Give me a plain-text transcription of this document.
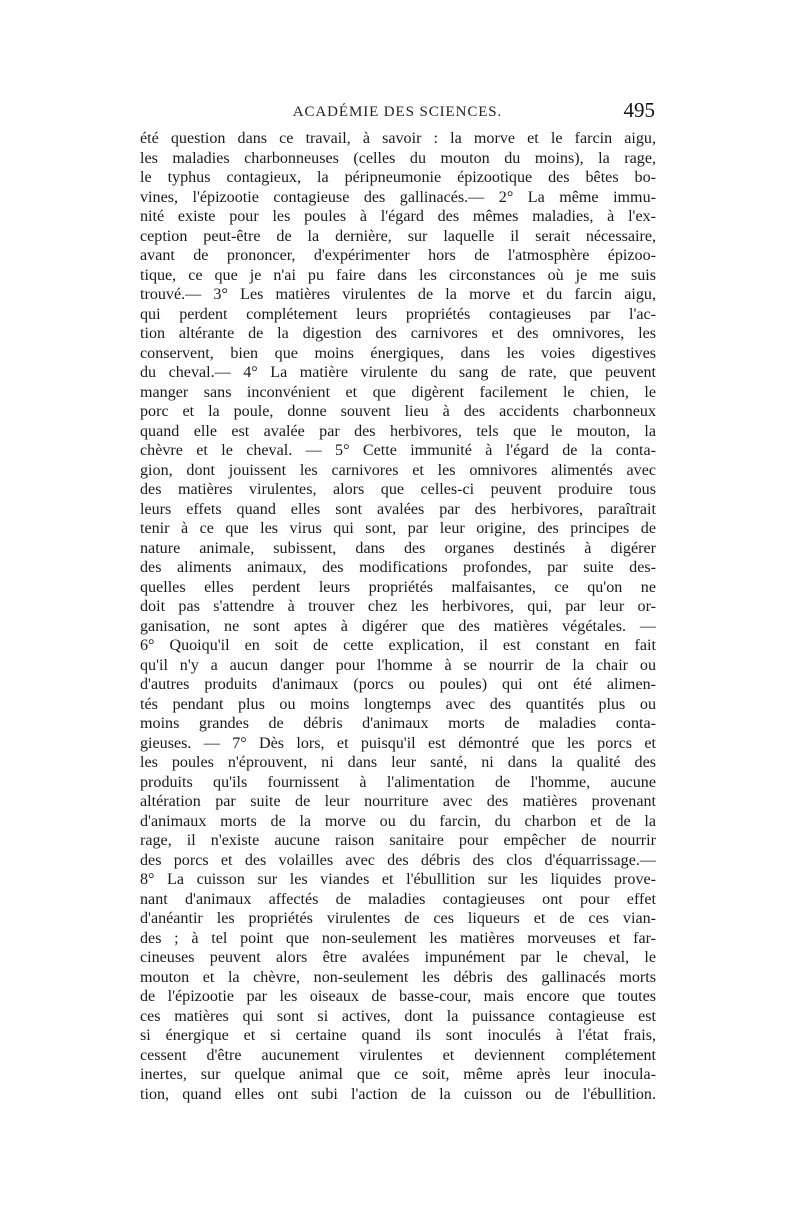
ACADÉMIE DES SCIENCES.	495
été question dans ce travail, à savoir : la morve et le farcin aigu,
les maladies charbonneuses (celles du mouton du moins), la rage,
le typhus contagieux, la péripneumonie épizootique des bêtes bo-
vines, l'épizootie contagieuse des gallinacés.— 2° La même immu-
nité existe pour les poules à l'égard des mêmes maladies, à l'ex-
ception peut-être de la dernière, sur laquelle il serait nécessaire,
avant de prononcer, d'expérimenter hors de l'atmosphère épizoo-
tique, ce que je n'ai pu faire dans les circonstances où je me suis
trouvé.— 3° Les matières virulentes de la morve et du farcin aigu,
qui perdent complétement leurs propriétés contagieuses par l'ac-
tion altérante de la digestion des carnivores et des omnivores, les
conservent, bien que moins énergiques, dans les voies digestives
du cheval.— 4° La matière virulente du sang de rate, que peuvent
manger sans inconvénient et que digèrent facilement le chien, le
porc et la poule, donne souvent lieu à des accidents charbonneux
quand elle est avalée par des herbivores, tels que le mouton, la
chèvre et le cheval. — 5° Cette immunité à l'égard de la conta-
gion, dont jouissent les carnivores et les omnivores alimentés avec
des matières virulentes, alors que celles-ci peuvent produire tous
leurs effets quand elles sont avalées par des herbivores, paraîtrait
tenir à ce que les virus qui sont, par leur origine, des principes de
nature animale, subissent, dans des organes destinés à digérer
des aliments animaux, des modifications profondes, par suite des-
quelles elles perdent leurs propriétés malfaisantes, ce qu'on ne
doit pas s'attendre à trouver chez les herbivores, qui, par leur or-
ganisation, ne sont aptes à digérer que des matières végétales. —
6° Quoiqu'il en soit de cette explication, il est constant en fait
qu'il n'y a aucun danger pour l'homme à se nourrir de la chair ou
d'autres produits d'animaux (porcs ou poules) qui ont été alimen-
tés pendant plus ou moins longtemps avec des quantités plus ou
moins grandes de débris d'animaux morts de maladies conta-
gieuses. — 7° Dès lors, et puisqu'il est démontré que les porcs et
les poules n'éprouvent, ni dans leur santé, ni dans la qualité des
produits qu'ils fournissent à l'alimentation de l'homme, aucune
altération par suite de leur nourriture avec des matières provenant
d'animaux morts de la morve ou du farcin, du charbon et de la
rage, il n'existe aucune raison sanitaire pour empêcher de nourrir
des porcs et des volailles avec des débris des clos d'équarrissage.—
8° La cuisson sur les viandes et l'ébullition sur les liquides prove-
nant d'animaux affectés de maladies contagieuses ont pour effet
d'anéantir les propriétés virulentes de ces liqueurs et de ces vian-
des ; à tel point que non-seulement les matières morveuses et far-
cineuses peuvent alors être avalées impunément par le cheval, le
mouton et la chèvre, non-seulement les débris des gallinacés morts
de l'épizootie par les oiseaux de basse-cour, mais encore que toutes
ces matières qui sont si actives, dont la puissance contagieuse est
si énergique et si certaine quand ils sont inoculés à l'état frais,
cessent d'être aucunement virulentes et deviennent complétement
inertes, sur quelque animal que ce soit, même après leur inocula-
tion, quand elles ont subi l'action de la cuisson ou de l'ébullition.
